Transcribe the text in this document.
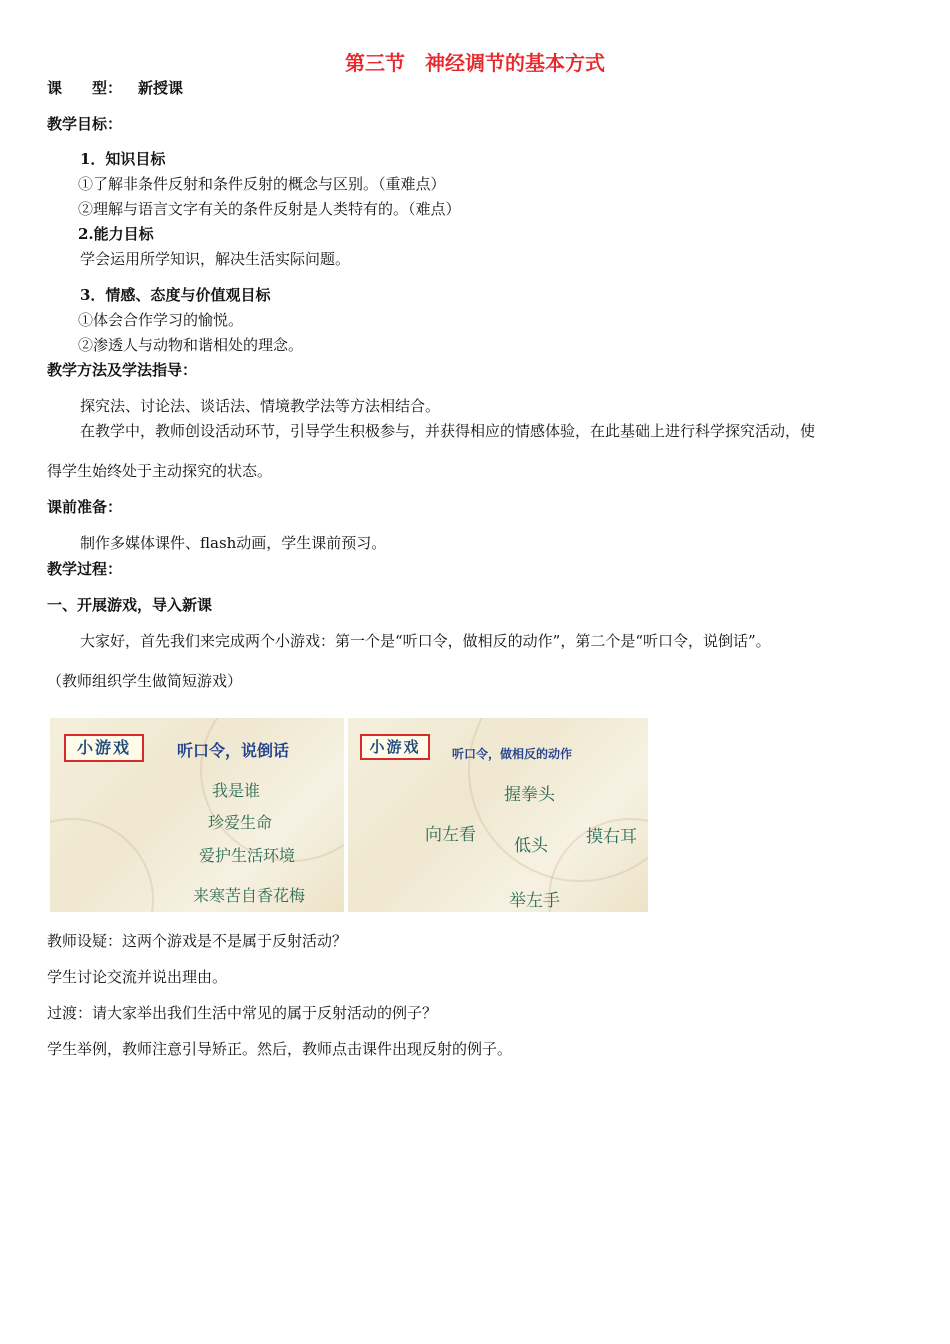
第三节　神经调节的基本方式
课　　型： 新授课
教学目标：
1．知识目标
①了解非条件反射和条件反射的概念与区别。（重难点）
②理解与语言文字有关的条件反射是人类特有的。（难点）
2.能力目标
学会运用所学知识，解决生活实际问题。
3．情感、态度与价值观目标
①体会合作学习的愉悦。
②渗透人与动物和谐相处的理念。
教学方法及学法指导：
探究法、讨论法、谈话法、情境教学法等方法相结合。
在教学中，教师创设活动环节，引导学生积极参与，并获得相应的情感体验，在此基础上进行科学探究活动，使
得学生始终处于主动探究的状态。
课前准备：
制作多媒体课件、flash动画，学生课前预习。
教学过程：
一、开展游戏，导入新课
大家好，首先我们来完成两个小游戏：第一个是“听口令，做相反的动作”，第二个是“听口令，说倒话”。
（教师组织学生做简短游戏）
小游戏	听口令，说倒话
我是谁
珍爱生命
爱护生活环境
来寒苦自香花梅
小游戏	听口令，做相反的动作
握拳头
向左看
低头 摸右耳
举左手
教师设疑：这两个游戏是不是属于反射活动？
学生讨论交流并说出理由。
过渡：请大家举出我们生活中常见的属于反射活动的例子？
学生举例，教师注意引导矫正。然后，教师点击课件出现反射的例子。
